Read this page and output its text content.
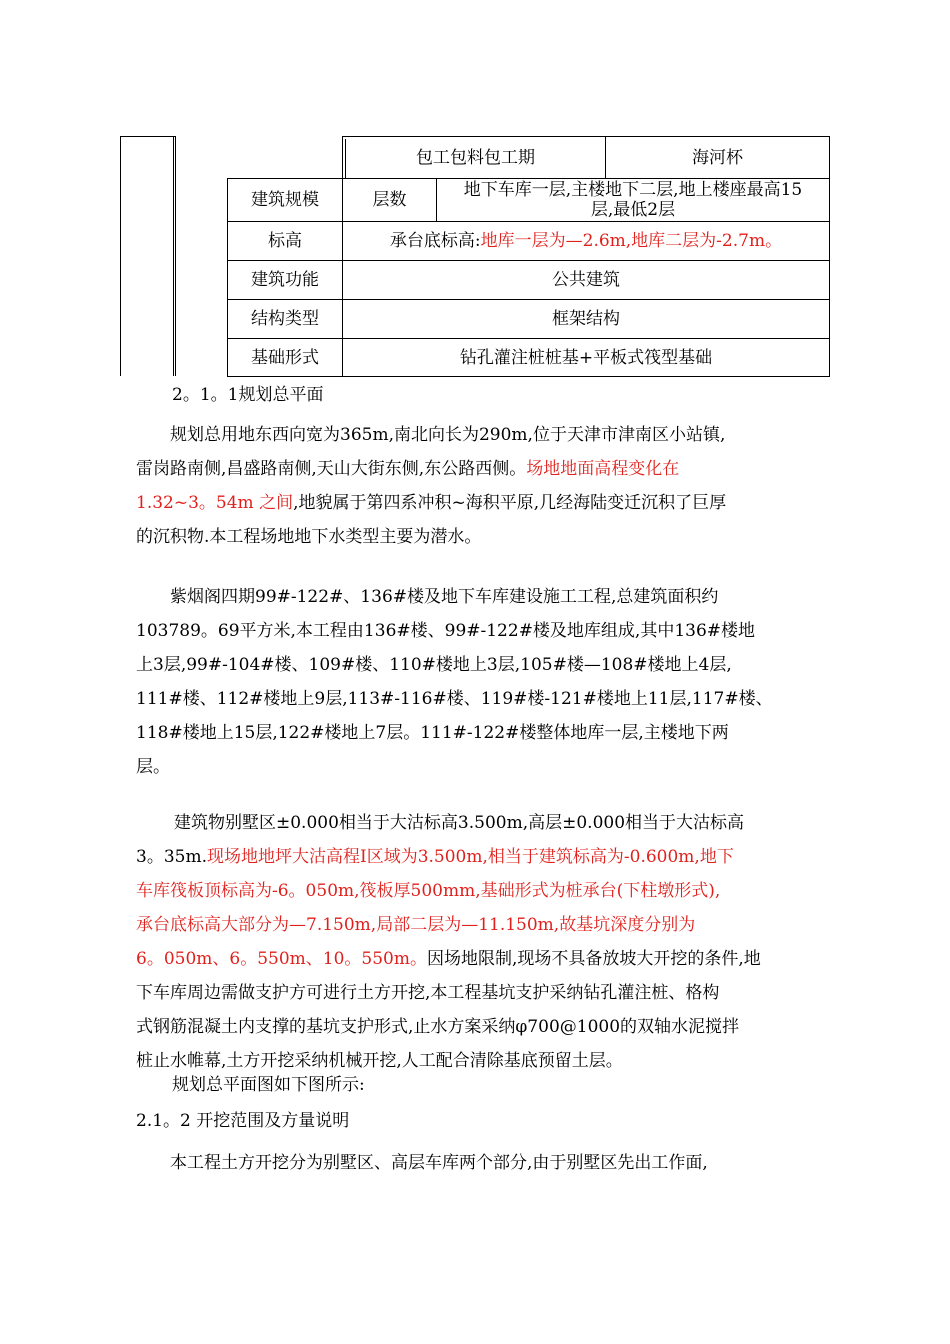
包工包料包工期	海河杯
建筑规模	层数	地下车库一层,主楼地下二层,地上楼座最高15
层,最低2层
标高	承台底标高: 地库一层为—2.6m,地库二层为-2.7m。
建筑功能	公共建筑
结构类型	框架结构
基础形式	钻孔灌注桩桩基+平板式筏型基础
2。1。1规划总平面
规划总用地东西向宽为365m,南北向长为290m,位于天津市津南区小站镇,
雷岗路南侧,昌盛路南侧,天山大街东侧,东公路西侧。场地地面高程变化在
1.32~3。54m 之间,地貌属于第四系冲积~海积平原,几经海陆变迁沉积了巨厚
的沉积物.本工程场地地下水类型主要为潜水。
紫烟阁四期99#-122#、136#楼及地下车库建设施工工程,总建筑面积约
103789。69平方米,本工程由136#楼、99#-122#楼及地库组成,其中136#楼地
上3层,99#-104#楼、109#楼、110#楼地上3层,105#楼—108#楼地上4层,
111#楼、112#楼地上9层,113#-116#楼、119#楼-121#楼地上11层,117#楼、
118#楼地上15层,122#楼地上7层。111#-122#楼整体地库一层,主楼地下两
层。
建筑物别墅区±0.000相当于大沽标高3.500m,高层±0.000相当于大沽标高
3。35m.现场地地坪大沽高程Ⅰ区域为3.500m,相当于建筑标高为-0.600m,地下
车库筏板顶标高为-6。050m,筏板厚500mm,基础形式为桩承台(下柱墩形式),
承台底标高大部分为—7.150m,局部二层为—11.150m,故基坑深度分别为
6。050m、6。550m、10。550m。因场地限制,现场不具备放坡大开挖的条件,地
下车库周边需做支护方可进行土方开挖,本工程基坑支护采纳钻孔灌注桩、格构
式钢筋混凝土内支撑的基坑支护形式,止水方案采纳φ700@1000的双轴水泥搅拌
桩止水帷幕,土方开挖采纳机械开挖,人工配合清除基底预留土层。
规划总平面图如下图所示:
2.1。2 开挖范围及方量说明
本工程土方开挖分为别墅区、高层车库两个部分,由于别墅区先出工作面,
